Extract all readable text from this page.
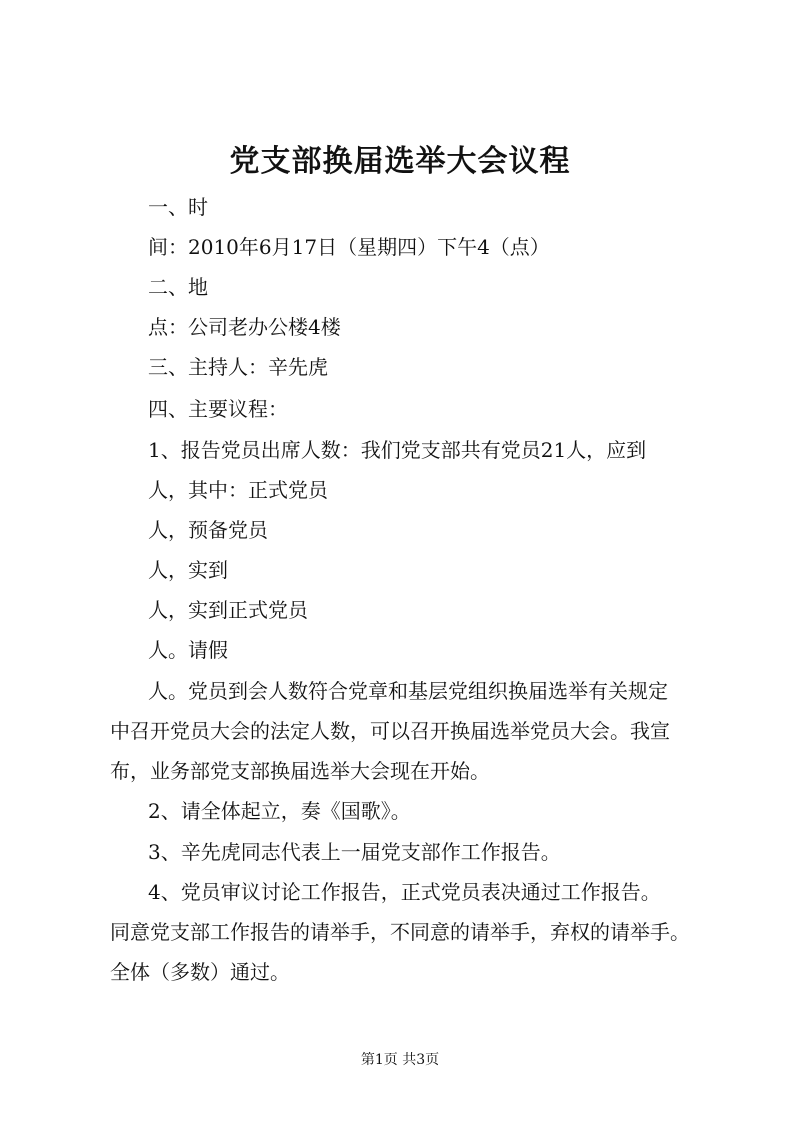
党支部换届选举大会议程
一、时
间：2010年6月17日（星期四）下午4（点）
二、地
点：公司老办公楼4楼
三、主持人：辛先虎
四、主要议程：
1、报告党员出席人数：我们党支部共有党员21人，应到
人，其中：正式党员
人，预备党员
人，实到
人，实到正式党员
人。请假
人。党员到会人数符合党章和基层党组织换届选举有关规定
中召开党员大会的法定人数，可以召开换届选举党员大会。我宣
布，业务部党支部换届选举大会现在开始。
2、请全体起立，奏《国歌》。
3、辛先虎同志代表上一届党支部作工作报告。
4、党员审议讨论工作报告，正式党员表决通过工作报告。
同意党支部工作报告的请举手，不同意的请举手，弃权的请举手。
全体（多数）通过。
第1页 共3页
